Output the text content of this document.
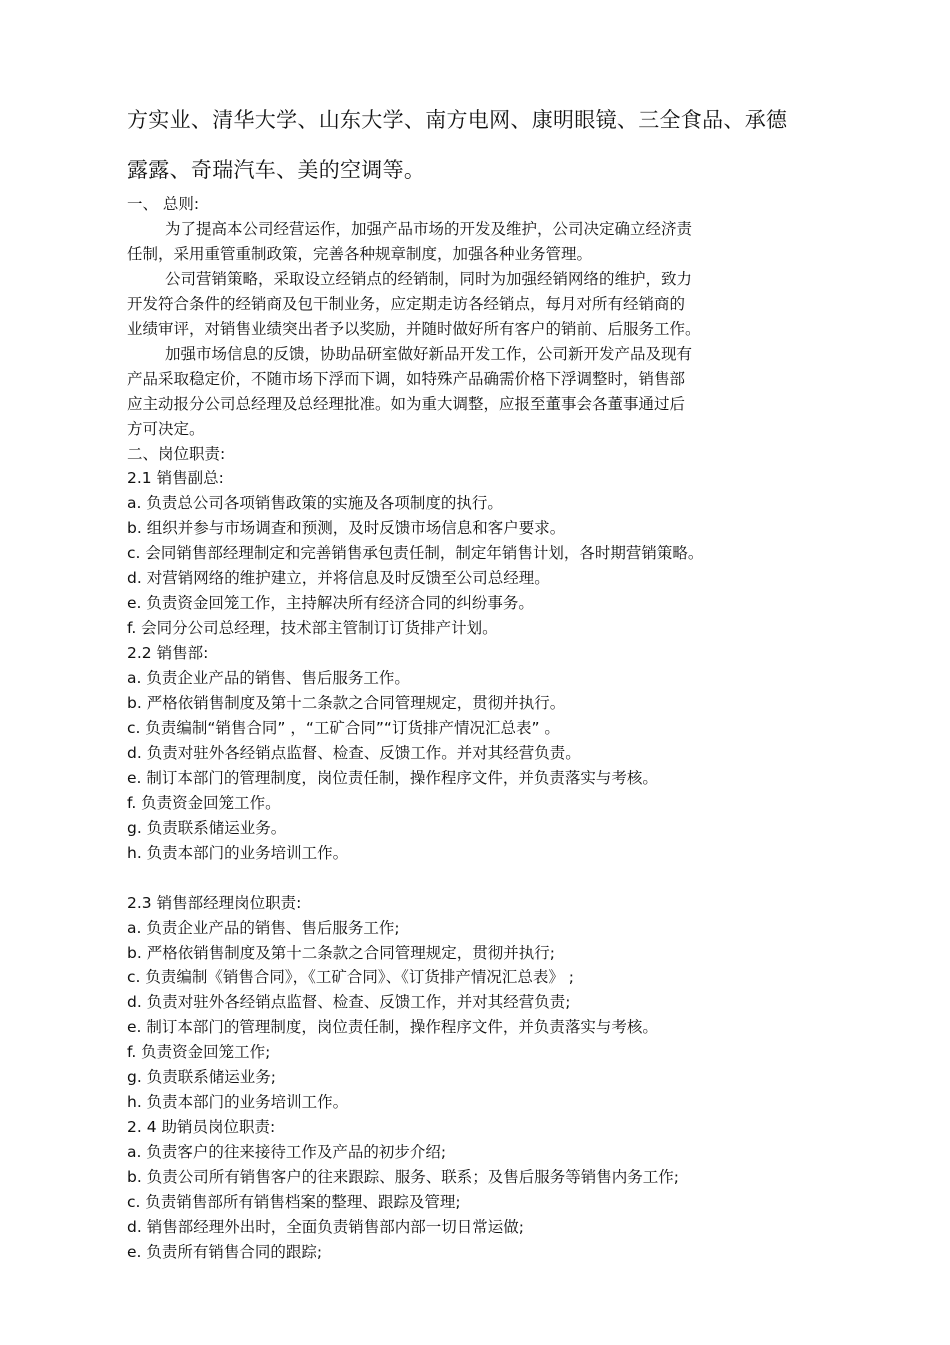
方实业、清华大学、山东大学、南方电网、康明眼镜、三全食品、承德
露露、奇瑞汽车、美的空调等。
一、 总则:
为了提高本公司经营运作，加强产品市场的开发及维护，公司决定确立经济责
任制，采用重管重制政策，完善各种规章制度，加强各种业务管理。
公司营销策略，采取设立经销点的经销制，同时为加强经销网络的维护，致力
开发符合条件的经销商及包干制业务，应定期走访各经销点，每月对所有经销商的
业绩审评，对销售业绩突出者予以奖励，并随时做好所有客户的销前、后服务工作。
加强市场信息的反馈，协助品研室做好新品开发工作，公司新开发产品及现有
产品采取稳定价，不随市场下浮而下调，如特殊产品确需价格下浮调整时，销售部
应主动报分公司总经理及总经理批准。如为重大调整，应报至董事会各董事通过后
方可决定。
二、岗位职责:
2.1 销售副总:
a. 负责总公司各项销售政策的实施及各项制度的执行。
b. 组织并参与市场调查和预测，及时反馈市场信息和客户要求。
c. 会同销售部经理制定和完善销售承包责任制，制定年销售计划，各时期营销策略。
d. 对营销网络的维护建立，并将信息及时反馈至公司总经理。
e. 负责资金回笼工作，主持解决所有经济合同的纠纷事务。
f. 会同分公司总经理，技术部主管制订订货排产计划。
2.2 销售部:
a. 负责企业产品的销售、售后服务工作。
b. 严格依销售制度及第十二条款之合同管理规定，贯彻并执行。
c. 负责编制“销售合同” ，“工矿合同”“订货排产情况汇总表” 。
d. 负责对驻外各经销点监督、检查、反馈工作。并对其经营负责。
e. 制订本部门的管理制度，岗位责任制，操作程序文件，并负责落实与考核。
f. 负责资金回笼工作。
g. 负责联系储运业务。
h. 负责本部门的业务培训工作。
2.3 销售部经理岗位职责:
a. 负责企业产品的销售、售后服务工作;
b. 严格依销售制度及第十二条款之合同管理规定，贯彻并执行;
c. 负责编制《销售合同》，《工矿合同》、《订货排产情况汇总表》 ;
d. 负责对驻外各经销点监督、检查、反馈工作，并对其经营负责;
e. 制订本部门的管理制度，岗位责任制，操作程序文件，并负责落实与考核。
f. 负责资金回笼工作;
g. 负责联系储运业务;
h. 负责本部门的业务培训工作。
2. 4 助销员岗位职责:
a. 负责客户的往来接待工作及产品的初步介绍;
b. 负责公司所有销售客户的往来跟踪、服务、联系；及售后服务等销售内务工作;
c. 负责销售部所有销售档案的整理、跟踪及管理;
d. 销售部经理外出时，全面负责销售部内部一切日常运做;
e. 负责所有销售合同的跟踪;
